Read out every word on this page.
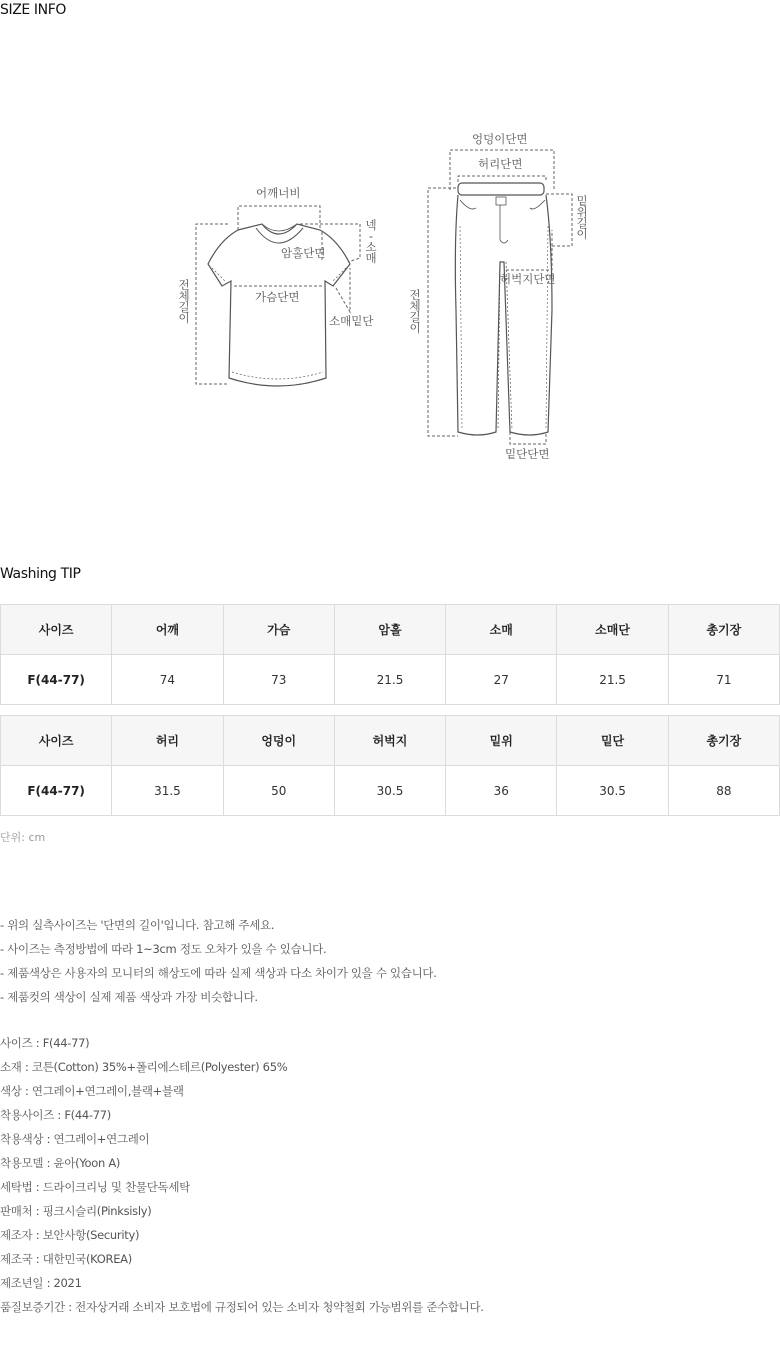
SIZE INFO
어깨너비
암홀단면
가슴단면
소매밑단
넥
-
소
매
전
체
길
이
엉덩이단면
허리단면
허벅지단면
밑단단면
밑
위
길
이
전
체
길
이
Washing TIP
사이즈	어깨	가슴	암홀	소매	소매단	총기장
F(44-77)	74	73	21.5	27	21.5	71
사이즈	허리	엉덩이	허벅지	밑위	밑단	총기장
F(44-77)	31.5	50	30.5	36	30.5	88
단위: cm
- 위의 실측사이즈는 '단면의 길이'입니다. 참고해 주세요.
- 사이즈는 측정방법에 따라 1~3cm 정도 오차가 있을 수 있습니다.
- 제품색상은 사용자의 모니터의 해상도에 따라 실제 색상과 다소 차이가 있을 수 있습니다.
- 제품컷의 색상이 실제 제품 색상과 가장 비슷합니다.
사이즈 : F(44-77)
소재 : 코튼(Cotton) 35%+폴리에스테르(Polyester) 65%
색상 : 연그레이+연그레이,블랙+블랙
착용사이즈 : F(44-77)
착용색상 : 연그레이+연그레이
착용모델 : 윤아(Yoon A)
세탁법 : 드라이크리닝 및 찬물단독세탁
판매처 : 핑크시슬리(Pinksisly)
제조자 : 보안사항(Security)
제조국 : 대한민국(KOREA)
제조년일 : 2021
품질보증기간 : 전자상거래 소비자 보호법에 규정되어 있는 소비자 청약철회 가능범위를 준수합니다.
